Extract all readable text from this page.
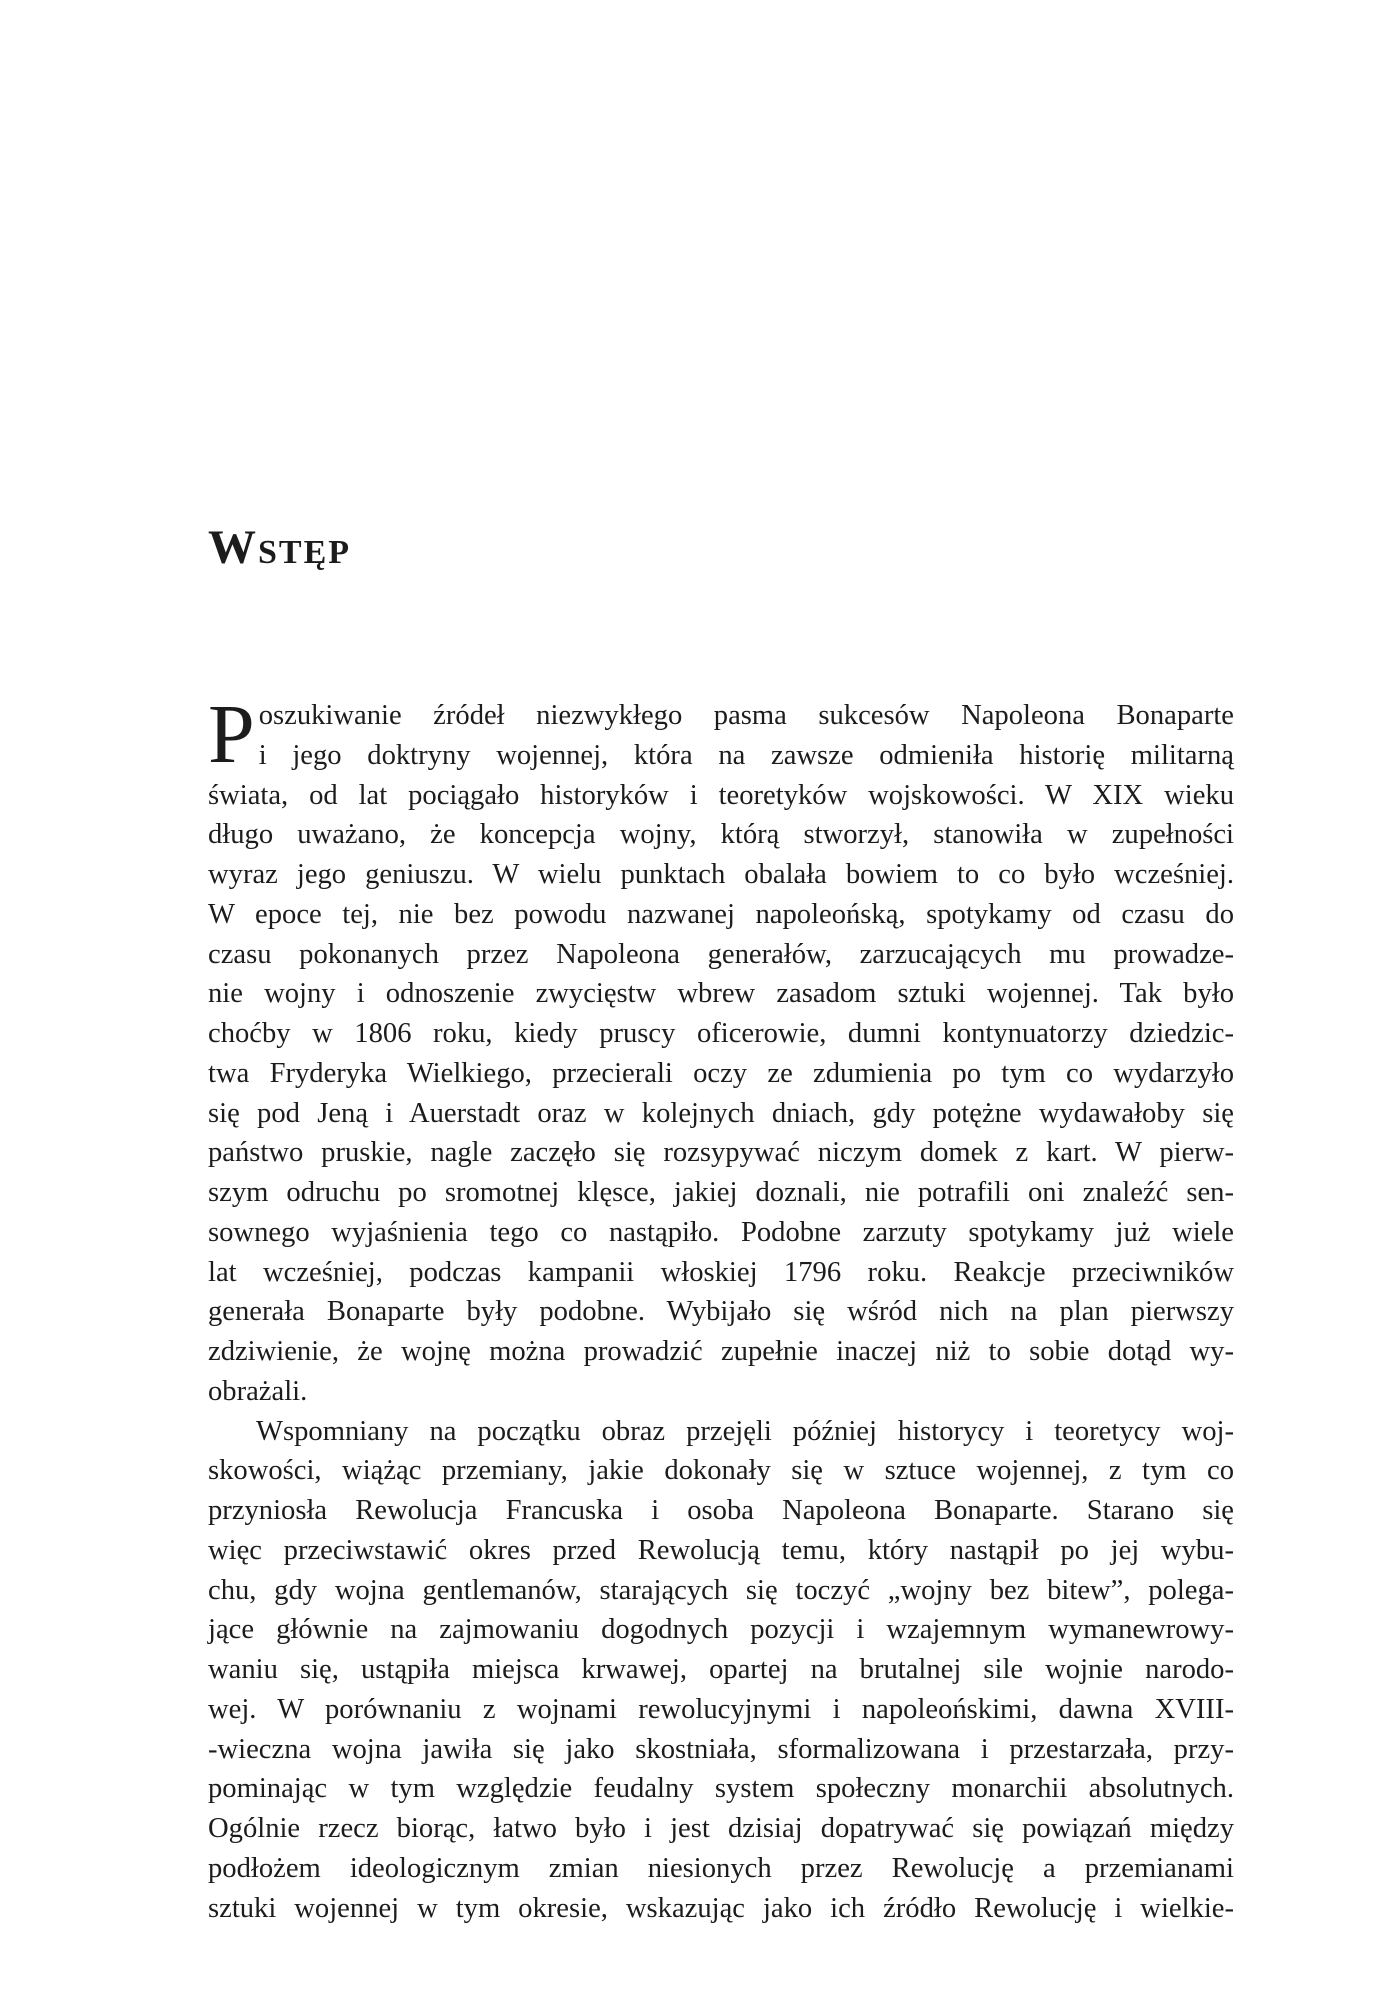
Wstęp
P oszukiwanie źródeł niezwykłego pasma sukcesów Napoleona Bonaparte
i jego doktryny wojennej, która na zawsze odmieniła historię militarną
świata, od lat pociągało historyków i teoretyków wojskowości. W XIX wieku
długo uważano, że koncepcja wojny, którą stworzył, stanowiła w zupełności
wyraz jego geniuszu. W wielu punktach obalała bowiem to co było wcześniej.
W epoce tej, nie bez powodu nazwanej napoleońską, spotykamy od czasu do
czasu pokonanych przez Napoleona generałów, zarzucających mu prowadze-
nie wojny i odnoszenie zwycięstw wbrew zasadom sztuki wojennej. Tak było
choćby w 1806 roku, kiedy pruscy oficerowie, dumni kontynuatorzy dziedzic-
twa Fryderyka Wielkiego, przecierali oczy ze zdumienia po tym co wydarzyło
się pod Jeną i Auerstadt oraz w kolejnych dniach, gdy potężne wydawałoby się
państwo pruskie, nagle zaczęło się rozsypywać niczym domek z kart. W pierw-
szym odruchu po sromotnej klęsce, jakiej doznali, nie potrafili oni znaleźć sen-
sownego wyjaśnienia tego co nastąpiło. Podobne zarzuty spotykamy już wiele
lat wcześniej, podczas kampanii włoskiej 1796 roku. Reakcje przeciwników
generała Bonaparte były podobne. Wybijało się wśród nich na plan pierwszy
zdziwienie, że wojnę można prowadzić zupełnie inaczej niż to sobie dotąd wy-
obrażali.
Wspomniany na początku obraz przejęli później historycy i teoretycy woj-
skowości, wiążąc przemiany, jakie dokonały się w sztuce wojennej, z tym co
przyniosła Rewolucja Francuska i osoba Napoleona Bonaparte. Starano się
więc przeciwstawić okres przed Rewolucją temu, który nastąpił po jej wybu-
chu, gdy wojna gentlemanów, starających się toczyć „wojny bez bitew”, polega-
jące głównie na zajmowaniu dogodnych pozycji i wzajemnym wymanewrowy-
waniu się, ustąpiła miejsca krwawej, opartej na brutalnej sile wojnie narodo-
wej. W porównaniu z wojnami rewolucyjnymi i napoleońskimi, dawna XVIII-
-wieczna wojna jawiła się jako skostniała, sformalizowana i przestarzała, przy-
pominając w tym względzie feudalny system społeczny monarchii absolutnych.
Ogólnie rzecz biorąc, łatwo było i jest dzisiaj dopatrywać się powiązań między
podłożem ideologicznym zmian niesionych przez Rewolucję a przemianami
sztuki wojennej w tym okresie, wskazując jako ich źródło Rewolucję i wielkie-
